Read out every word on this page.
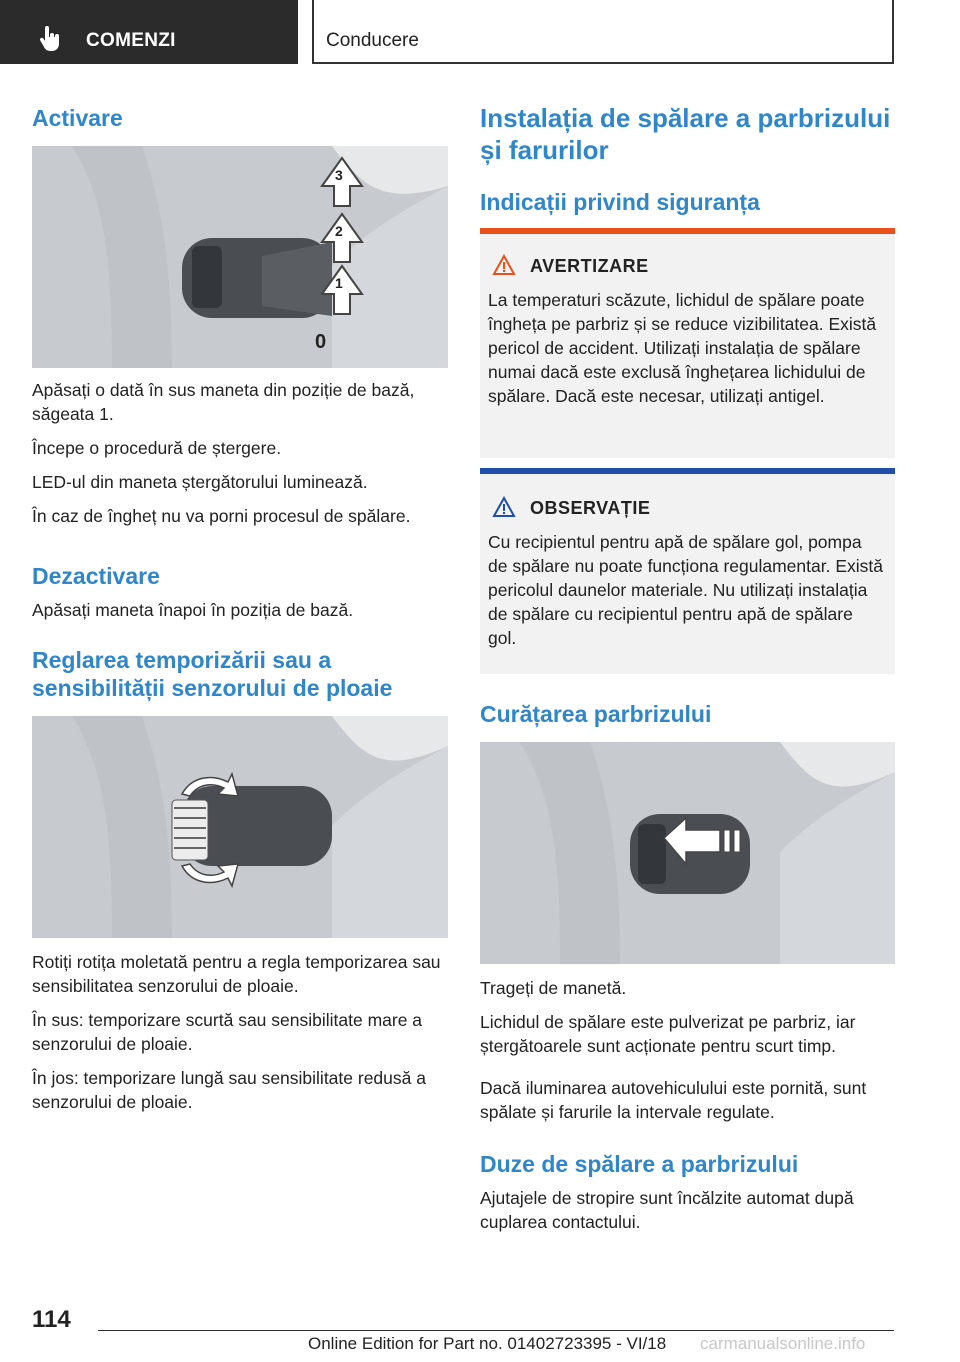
COMENZI	Conducere
Activare
3
2
1
0
Apăsați o dată în sus maneta din poziție de bază, săgeata 1.
Începe o procedură de ștergere.
LED-ul din maneta ștergătorului luminează.
În caz de îngheț nu va porni procesul de spălare.
Dezactivare
Apăsați maneta înapoi în poziția de bază.
Reglarea temporizării sau a sensibilității senzorului de ploaie
Rotiți rotița moletată pentru a regla temporizarea sau sensibilitatea senzorului de ploaie.
În sus: temporizare scurtă sau sensibilitate mare a senzorului de ploaie.
În jos: temporizare lungă sau sensibilitate redusă a senzorului de ploaie.
Instalația de spălare a parbrizului și farurilor
Indicații privind siguranța
AVERTIZARE
La temperaturi scăzute, lichidul de spălare poate îngheța pe parbriz și se reduce vizibilitatea. Există pericol de accident. Utilizați instalația de spălare numai dacă este exclusă înghețarea lichidului de spălare. Dacă este necesar, utilizați antigel.
OBSERVAȚIE
Cu recipientul pentru apă de spălare gol, pompa de spălare nu poate funcționa regulamentar. Există pericolul daunelor materiale. Nu utilizați instalația de spălare cu recipientul pentru apă de spălare gol.
Curățarea parbrizului
Trageți de manetă.
Lichidul de spălare este pulverizat pe parbriz, iar ștergătoarele sunt acționate pentru scurt timp.
Dacă iluminarea autovehiculului este pornită, sunt spălate și farurile la intervale regulate.
Duze de spălare a parbrizului
Ajutajele de stropire sunt încălzite automat după cuplarea contactului.
114
Online Edition for Part no. 01402723395 - VI/18 carmanualsonline.info
